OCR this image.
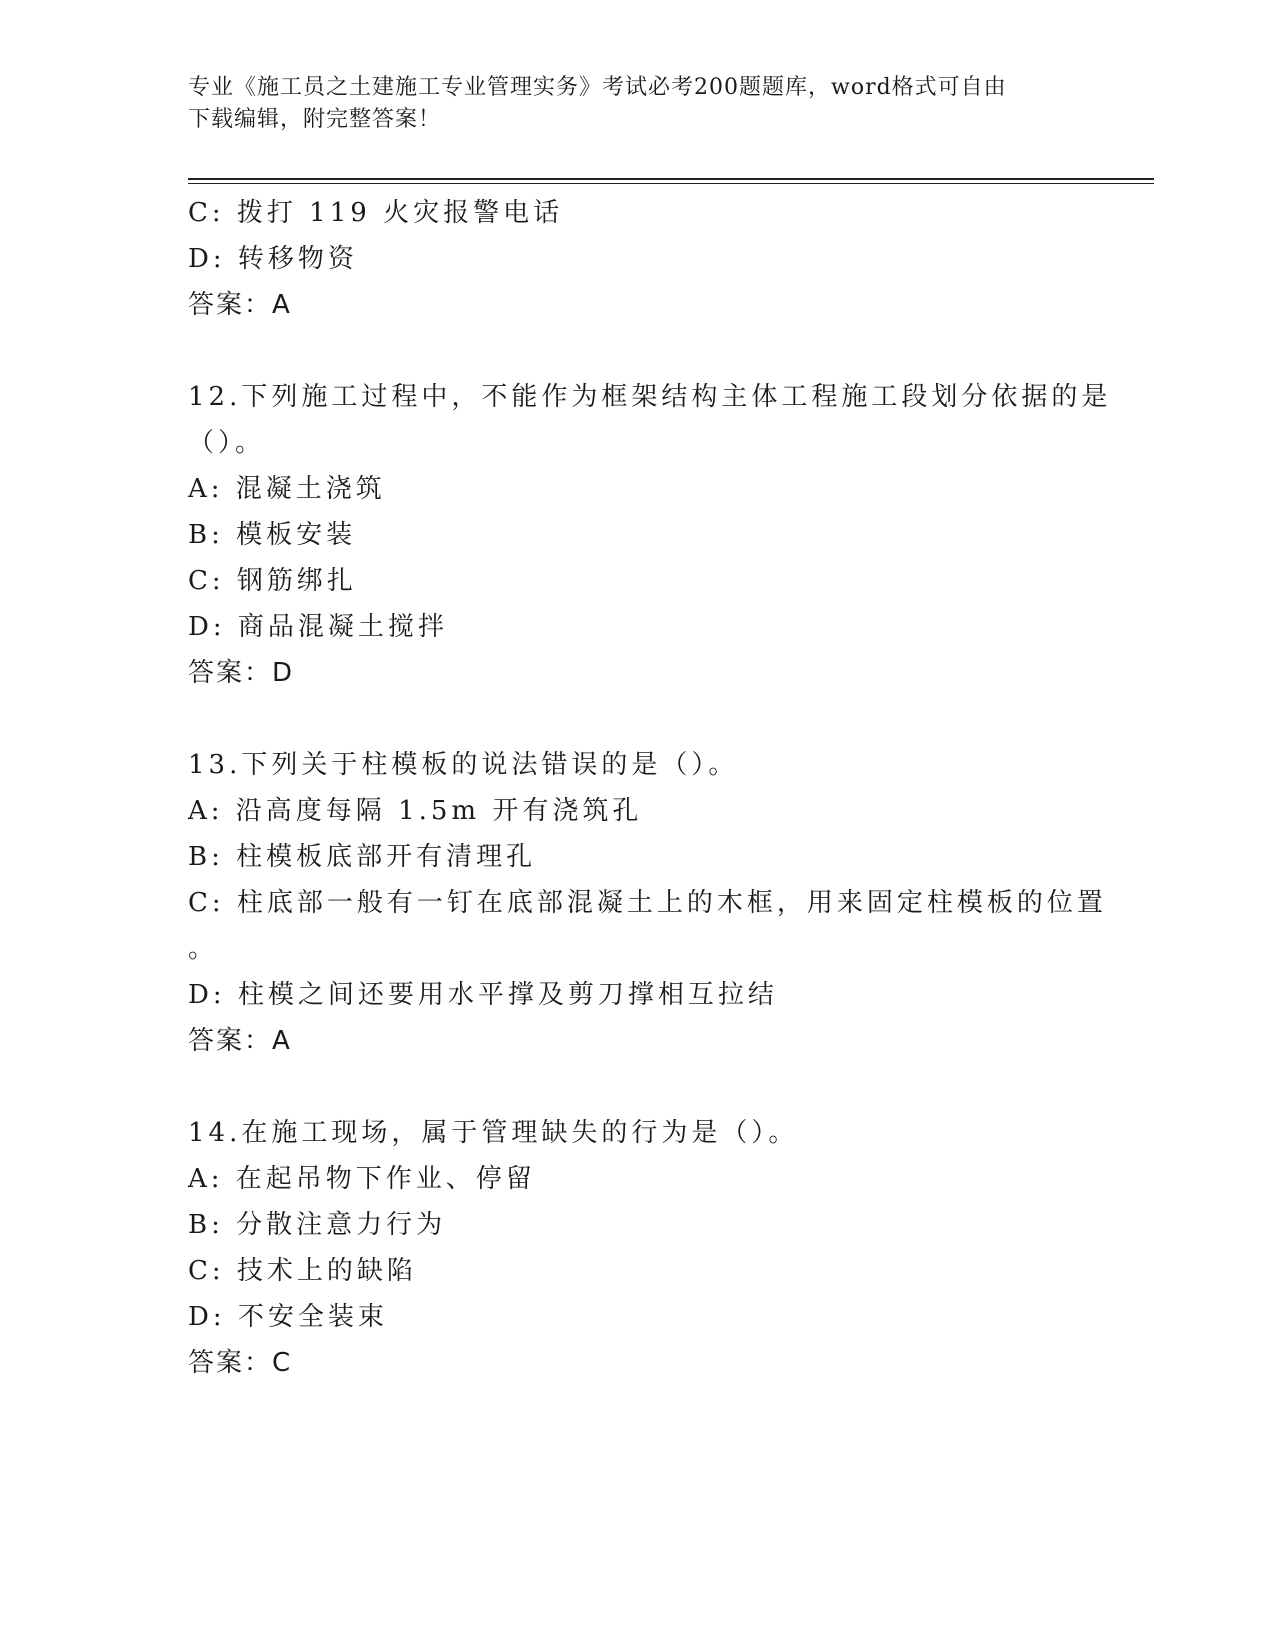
专业《施工员之土建施工专业管理实务》考试必考200题题库，word格式可自由
下载编辑，附完整答案！
C: 拨打 119 火灾报警电话
D: 转移物资
答案：A
12.下列施工过程中，不能作为框架结构主体工程施工段划分依据的是
（）。
A: 混凝土浇筑
B: 模板安装
C: 钢筋绑扎
D: 商品混凝土搅拌
答案：D
13.下列关于柱模板的说法错误的是（）。
A: 沿高度每隔 1.5m 开有浇筑孔
B: 柱模板底部开有清理孔
C: 柱底部一般有一钉在底部混凝土上的木框，用来固定柱模板的位置
。
D: 柱模之间还要用水平撑及剪刀撑相互拉结
答案：A
14.在施工现场，属于管理缺失的行为是（）。
A: 在起吊物下作业、停留
B: 分散注意力行为
C: 技术上的缺陷
D: 不安全装束
答案：C
